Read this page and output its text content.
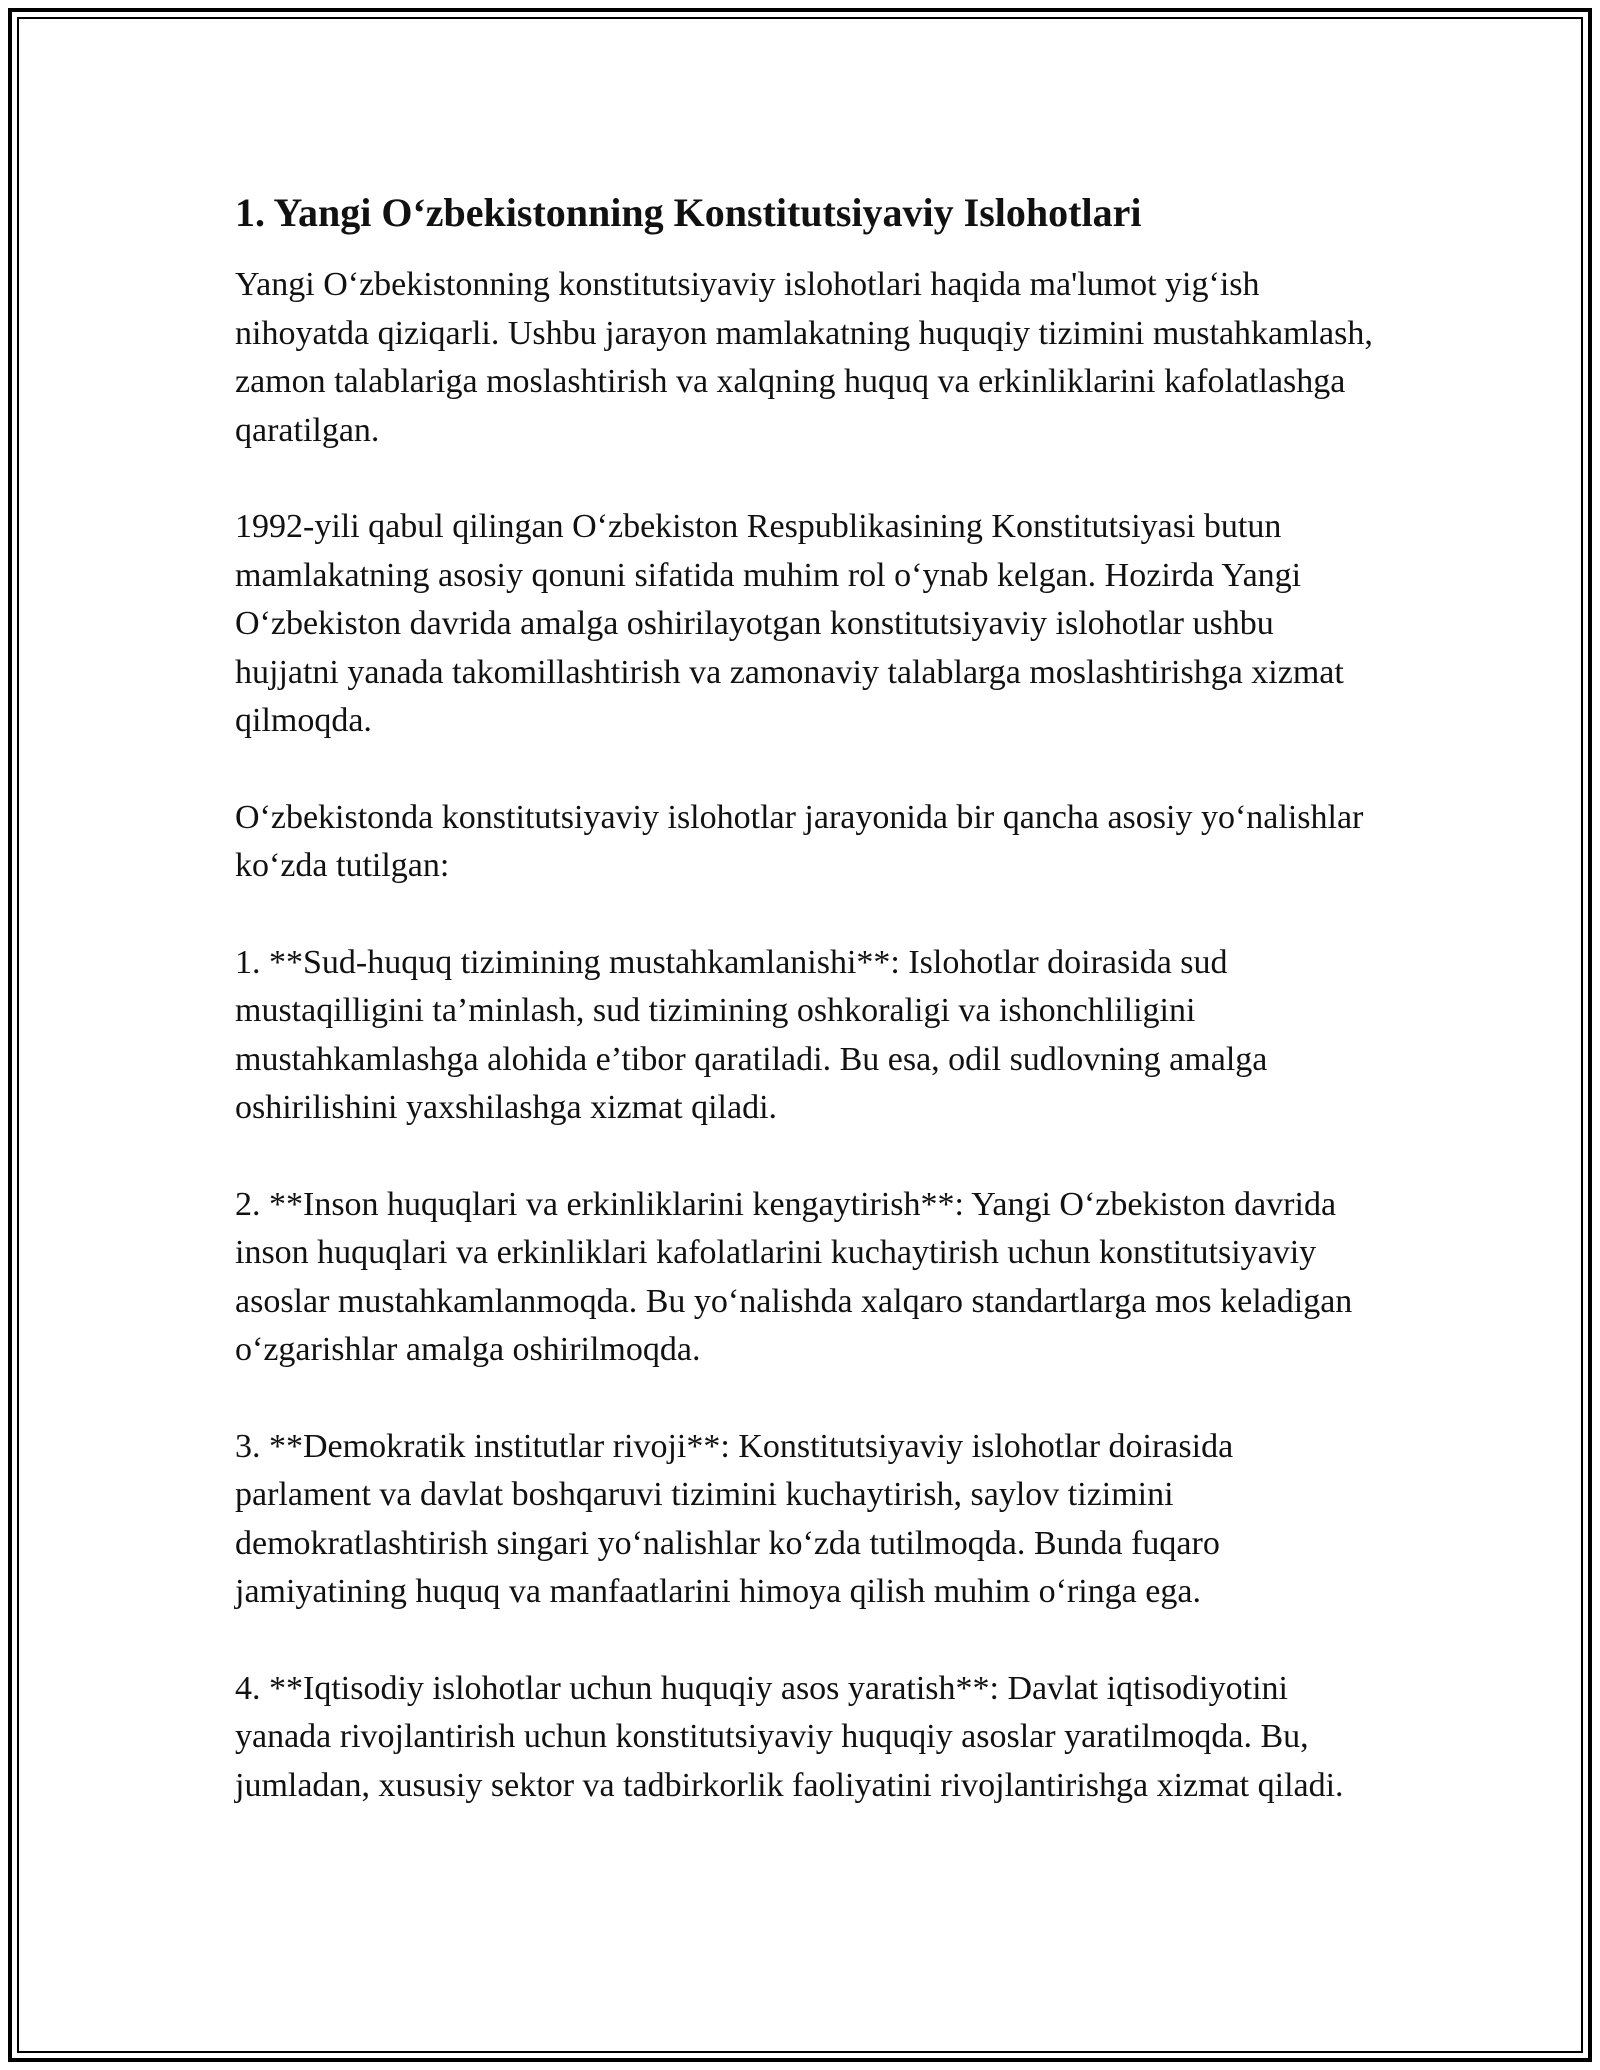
1. Yangi O‘zbekistonning Konstitutsiyaviy Islohotlari

Yangi O‘zbekistonning konstitutsiyaviy islohotlari haqida ma'lumot yig‘ish nihoyatda qiziqarli. Ushbu jarayon mamlakatning huquqiy tizimini mustahkamlash, zamon talablariga moslashtirish va xalqning huquq va erkinliklarini kafolatlashga qaratilgan.

1992-yili qabul qilingan O‘zbekiston Respublikasining Konstitutsiyasi butun mamlakatning asosiy qonuni sifatida muhim rol o‘ynab kelgan. Hozirda Yangi O‘zbekiston davrida amalga oshirilayotgan konstitutsiyaviy islohotlar ushbu hujjatni yanada takomillashtirish va zamonaviy talablarga moslashtirishga xizmat qilmoqda.

O‘zbekistonda konstitutsiyaviy islohotlar jarayonida bir qancha asosiy yo‘nalishlar ko‘zda tutilgan:

1. **Sud-huquq tizimining mustahkamlanishi**: Islohotlar doirasida sud mustaqilligini ta’minlash, sud tizimining oshkoraligi va ishonchliligini mustahkamlashga alohida e’tibor qaratiladi. Bu esa, odil sudlovning amalga oshirilishini yaxshilashga xizmat qiladi.

2. **Inson huquqlari va erkinliklarini kengaytirish**: Yangi O‘zbekiston davrida inson huquqlari va erkinliklari kafolatlarini kuchaytirish uchun konstitutsiyaviy asoslar mustahkamlanmoqda. Bu yo‘nalishda xalqaro standartlarga mos keladigan o‘zgarishlar amalga oshirilmoqda.

3. **Demokratik institutlar rivoji**: Konstitutsiyaviy islohotlar doirasida parlament va davlat boshqaruvi tizimini kuchaytirish, saylov tizimini demokratlashtirish singari yo‘nalishlar ko‘zda tutilmoqda. Bunda fuqaro jamiyatining huquq va manfaatlarini himoya qilish muhim o‘ringa ega.

4. **Iqtisodiy islohotlar uchun huquqiy asos yaratish**: Davlat iqtisodiyotini yanada rivojlantirish uchun konstitutsiyaviy huquqiy asoslar yaratilmoqda. Bu, jumladan, xususiy sektor va tadbirkorlik faoliyatini rivojlantirishga xizmat qiladi.
